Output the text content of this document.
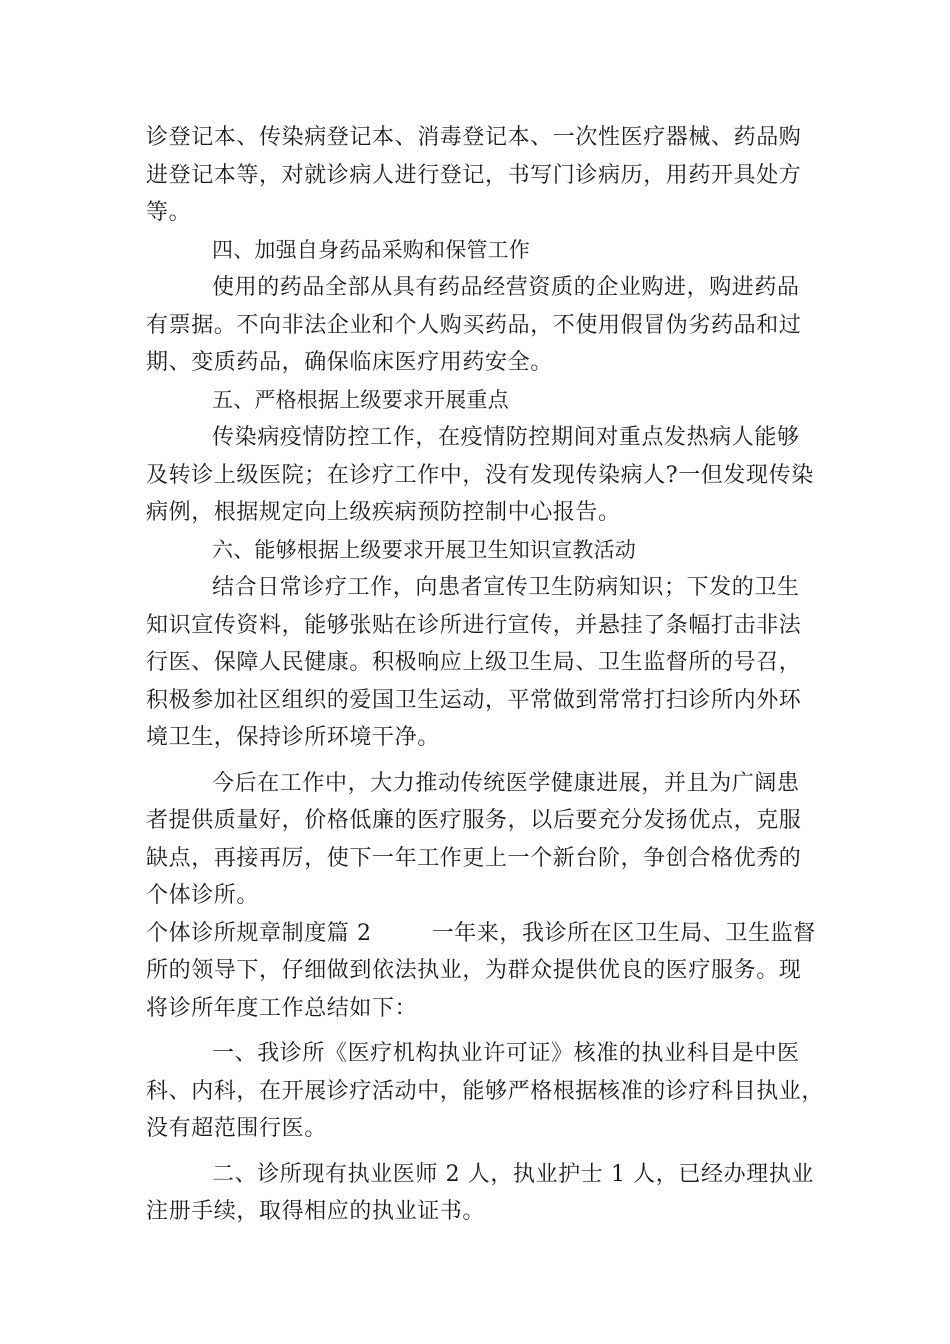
诊登记本、传染病登记本、消毒登记本、一次性医疗器械、药品购
进登记本等，对就诊病人进行登记，书写门诊病历，用药开具处方
等。
四、加强自身药品采购和保管工作
使用的药品全部从具有药品经营资质的企业购进，购进药品
有票据。不向非法企业和个人购买药品，不使用假冒伪劣药品和过
期、变质药品，确保临床医疗用药安全。
五、严格根据上级要求开展重点
传染病疫情防控工作，在疫情防控期间对重点发热病人能够
及转诊上级医院；在诊疗工作中，没有发现传染病人?一但发现传染
病例，根据规定向上级疾病预防控制中心报告。
六、能够根据上级要求开展卫生知识宣教活动
结合日常诊疗工作，向患者宣传卫生防病知识；下发的卫生
知识宣传资料，能够张贴在诊所进行宣传，并悬挂了条幅打击非法
行医、保障人民健康。积极响应上级卫生局、卫生监督所的号召，
积极参加社区组织的爱国卫生运动，平常做到常常打扫诊所内外环
境卫生，保持诊所环境干净。
今后在工作中，大力推动传统医学健康进展，并且为广阔患
者提供质量好，价格低廉的医疗服务，以后要充分发扬优点，克服
缺点，再接再厉，使下一年工作更上一个新台阶，争创合格优秀的
个体诊所。
个体诊所规章制度篇 2	一年来，我诊所在区卫生局、卫生监督
所的领导下，仔细做到依法执业，为群众提供优良的医疗服务。现
将诊所年度工作总结如下：
一、我诊所《医疗机构执业许可证》核准的执业科目是中医
科、内科，在开展诊疗活动中，能够严格根据核准的诊疗科目执业，
没有超范围行医。
二、诊所现有执业医师 2 人，执业护士 1 人，已经办理执业
注册手续，取得相应的执业证书。
